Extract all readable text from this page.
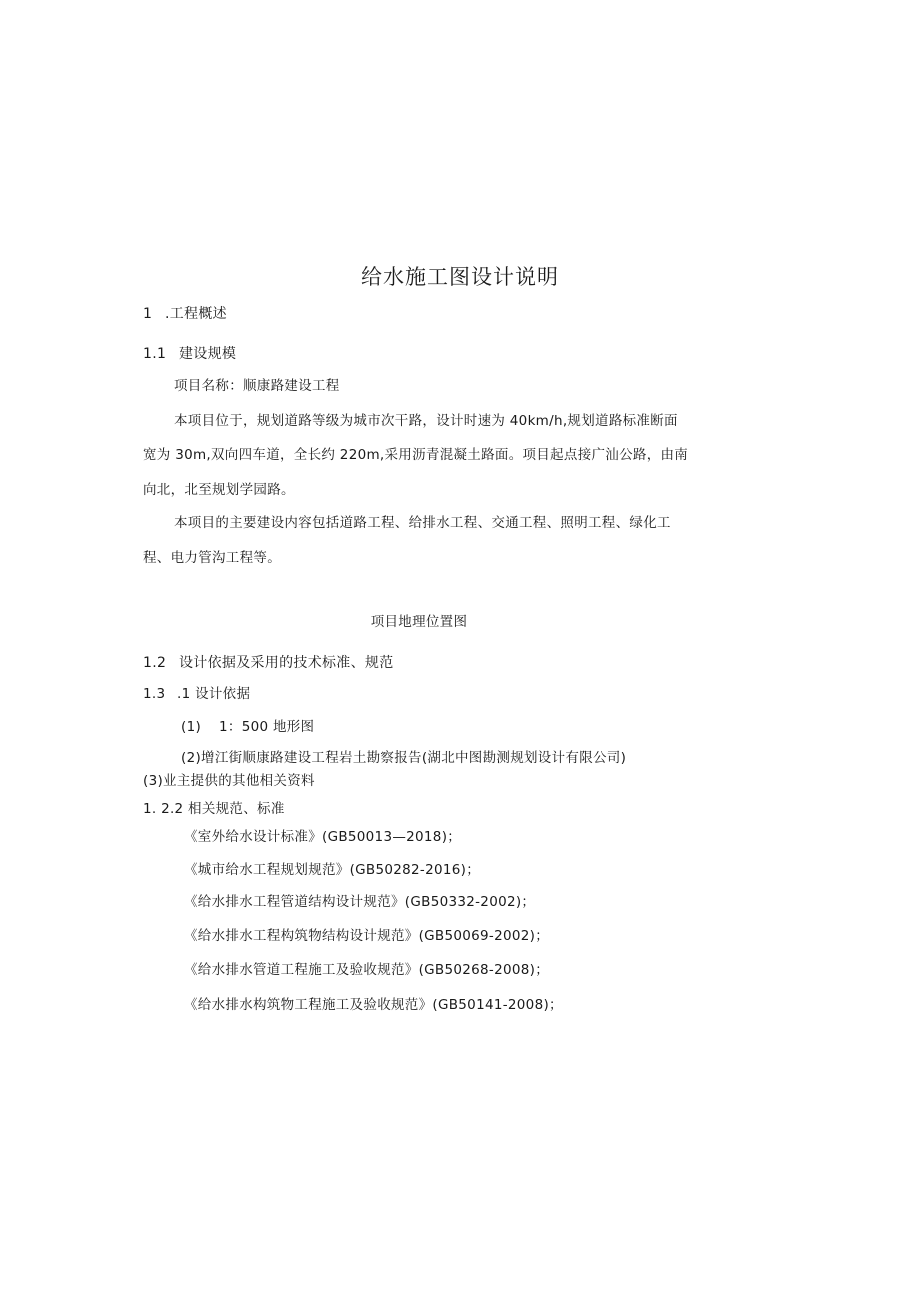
给水施工图设计说明
1 .工程概述
1.1 建设规模
项目名称：顺康路建设工程
本项目位于，规划道路等级为城市次干路，设计时速为 40km/h,规划道路标准断面
宽为 30m,双向四车道，全长约 220m,采用沥青混凝土路面。项目起点接广汕公路，由南
向北，北至规划学园路。
本项目的主要建设内容包括道路工程、给排水工程、交通工程、照明工程、绿化工
程、电力管沟工程等。
项目地理位置图
1.2 设计依据及采用的技术标准、规范
1.3 .1 设计依据
(1) 1：500 地形图
(2)增江街顺康路建设工程岩土勘察报告(湖北中图勘测规划设计有限公司)
(3)业主提供的其他相关资料
1. 2.2 相关规范、标准
《室外给水设计标准》(GB50013—2018)；
《城市给水工程规划规范》(GB50282-2016)；
《给水排水工程管道结构设计规范》(GB50332-2002)；
《给水排水工程构筑物结构设计规范》(GB50069-2002)；
《给水排水管道工程施工及验收规范》(GB50268-2008)；
《给水排水构筑物工程施工及验收规范》(GB50141-2008)；
